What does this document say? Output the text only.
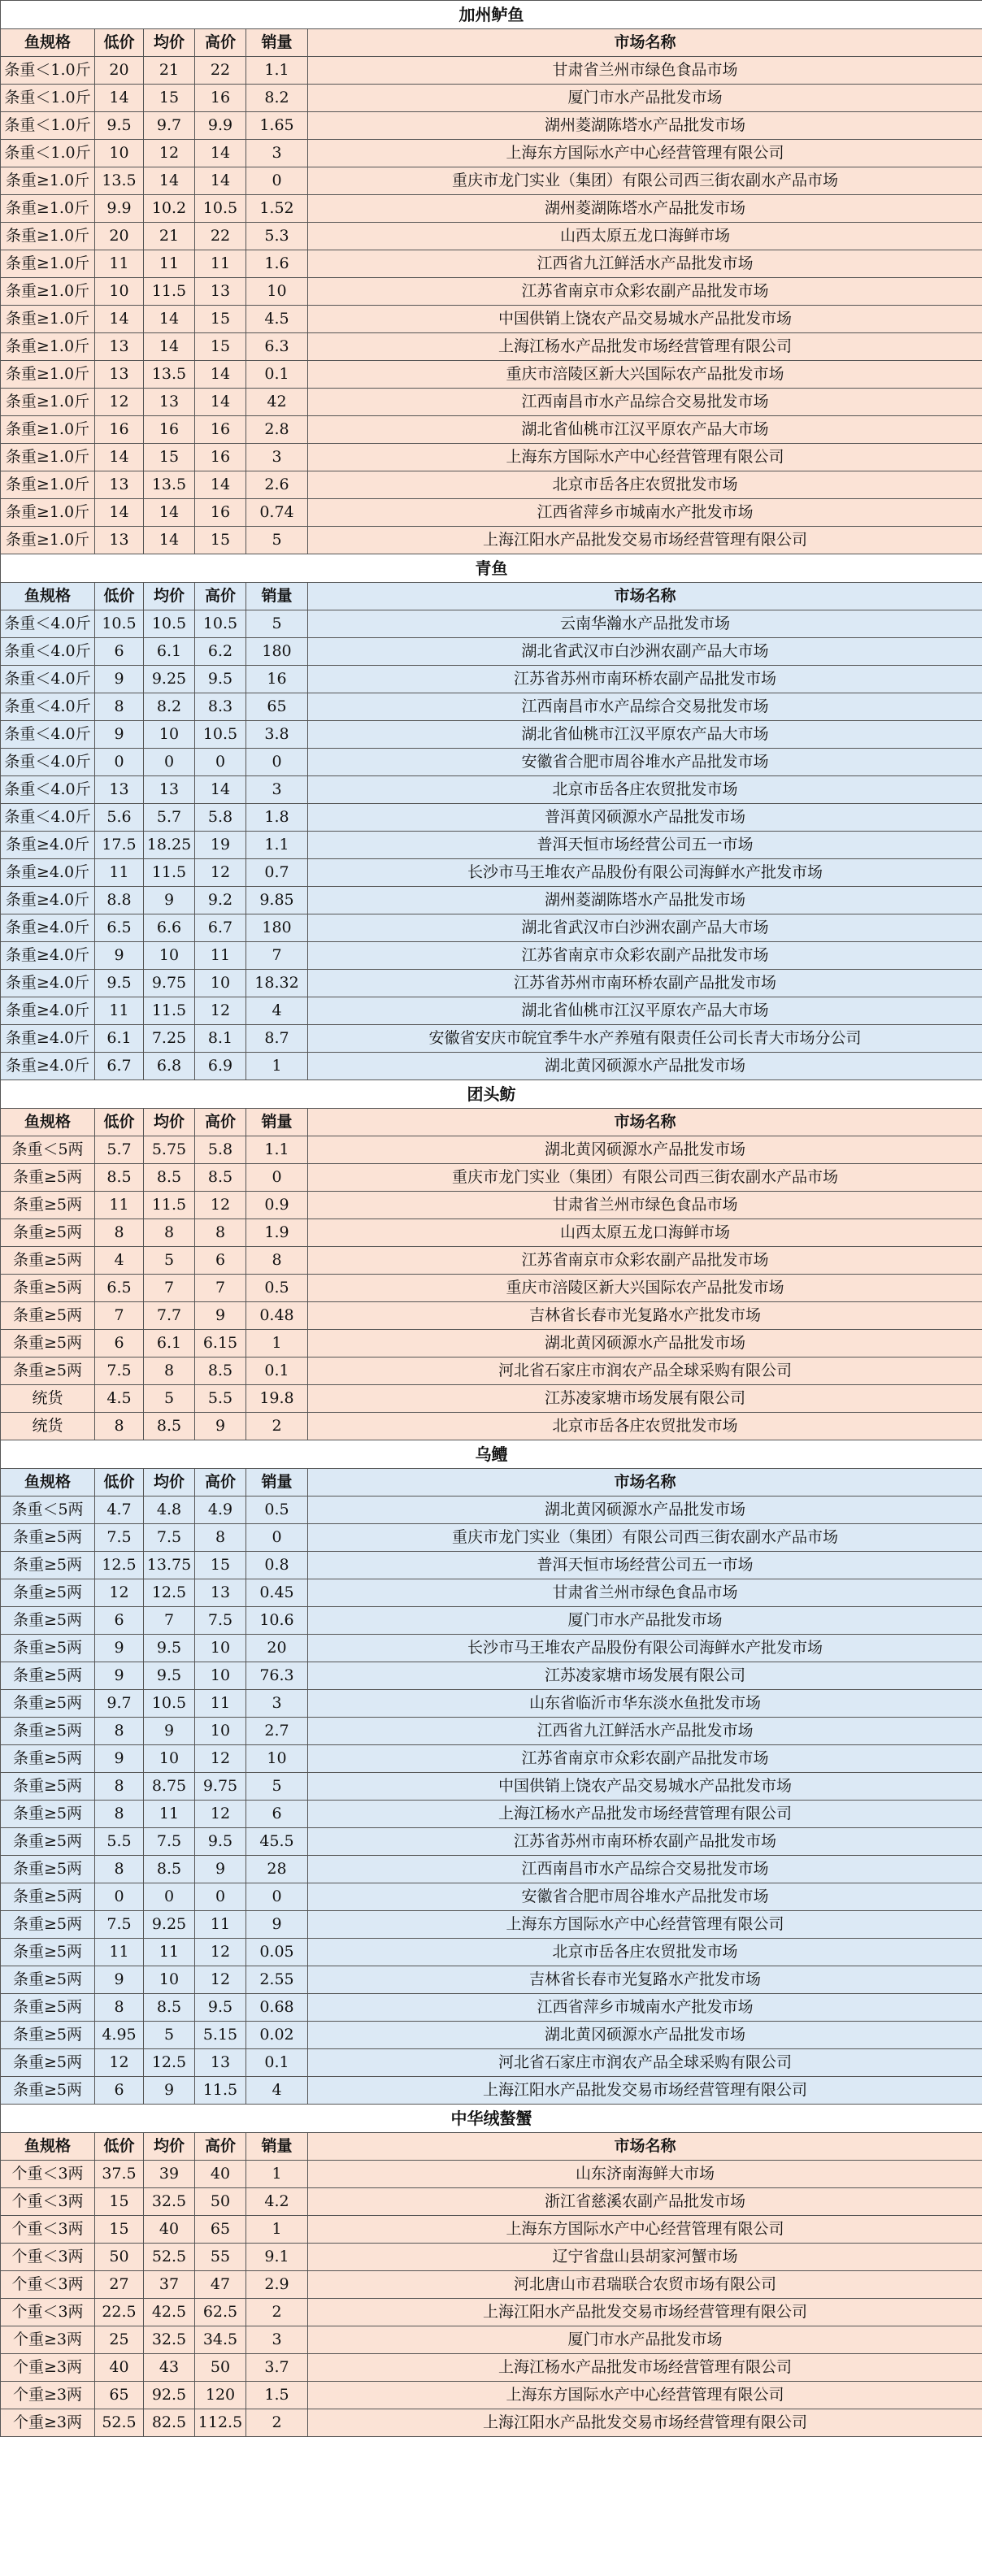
加州鲈鱼					
鱼规格	低价	均价	高价	销量	市场名称
条重＜1.0斤	20	21	22	1.1	甘肃省兰州市绿色食品市场
条重＜1.0斤	14	15	16	8.2	厦门市水产品批发市场
条重＜1.0斤	9.5	9.7	9.9	1.65	湖州菱湖陈塔水产品批发市场
条重＜1.0斤	10	12	14	3	上海东方国际水产中心经营管理有限公司
条重≥1.0斤	13.5	14	14	0	重庆市龙门实业（集团）有限公司西三街农副水产品市场
条重≥1.0斤	9.9	10.2	10.5	1.52	湖州菱湖陈塔水产品批发市场
条重≥1.0斤	20	21	22	5.3	山西太原五龙口海鲜市场
条重≥1.0斤	11	11	11	1.6	江西省九江鲜活水产品批发市场
条重≥1.0斤	10	11.5	13	10	江苏省南京市众彩农副产品批发市场
条重≥1.0斤	14	14	15	4.5	中国供销上饶农产品交易城水产品批发市场
条重≥1.0斤	13	14	15	6.3	上海江杨水产品批发市场经营管理有限公司
条重≥1.0斤	13	13.5	14	0.1	重庆市涪陵区新大兴国际农产品批发市场
条重≥1.0斤	12	13	14	42	江西南昌市水产品综合交易批发市场
条重≥1.0斤	16	16	16	2.8	湖北省仙桃市江汉平原农产品大市场
条重≥1.0斤	14	15	16	3	上海东方国际水产中心经营管理有限公司
条重≥1.0斤	13	13.5	14	2.6	北京市岳各庄农贸批发市场
条重≥1.0斤	14	14	16	0.74	江西省萍乡市城南水产批发市场
条重≥1.0斤	13	14	15	5	上海江阳水产品批发交易市场经营管理有限公司
青鱼					
鱼规格	低价	均价	高价	销量	市场名称
条重＜4.0斤	10.5	10.5	10.5	5	云南华瀚水产品批发市场
条重＜4.0斤	6	6.1	6.2	180	湖北省武汉市白沙洲农副产品大市场
条重＜4.0斤	9	9.25	9.5	16	江苏省苏州市南环桥农副产品批发市场
条重＜4.0斤	8	8.2	8.3	65	江西南昌市水产品综合交易批发市场
条重＜4.0斤	9	10	10.5	3.8	湖北省仙桃市江汉平原农产品大市场
条重＜4.0斤	0	0	0	0	安徽省合肥市周谷堆水产品批发市场
条重＜4.0斤	13	13	14	3	北京市岳各庄农贸批发市场
条重＜4.0斤	5.6	5.7	5.8	1.8	普洱黄冈硕源水产品批发市场
条重≥4.0斤	17.5	18.25	19	1.1	普洱天恒市场经营公司五一市场
条重≥4.0斤	11	11.5	12	0.7	长沙市马王堆农产品股份有限公司海鲜水产批发市场
条重≥4.0斤	8.8	9	9.2	9.85	湖州菱湖陈塔水产品批发市场
条重≥4.0斤	6.5	6.6	6.7	180	湖北省武汉市白沙洲农副产品大市场
条重≥4.0斤	9	10	11	7	江苏省南京市众彩农副产品批发市场
条重≥4.0斤	9.5	9.75	10	18.32	江苏省苏州市南环桥农副产品批发市场
条重≥4.0斤	11	11.5	12	4	湖北省仙桃市江汉平原农产品大市场
条重≥4.0斤	6.1	7.25	8.1	8.7	安徽省安庆市皖宜季牛水产养殖有限责任公司长青大市场分公司
条重≥4.0斤	6.7	6.8	6.9	1	湖北黄冈硕源水产品批发市场
团头鲂					
鱼规格	低价	均价	高价	销量	市场名称
条重＜5两	5.7	5.75	5.8	1.1	湖北黄冈硕源水产品批发市场
条重≥5两	8.5	8.5	8.5	0	重庆市龙门实业（集团）有限公司西三街农副水产品市场
条重≥5两	11	11.5	12	0.9	甘肃省兰州市绿色食品市场
条重≥5两	8	8	8	1.9	山西太原五龙口海鲜市场
条重≥5两	4	5	6	8	江苏省南京市众彩农副产品批发市场
条重≥5两	6.5	7	7	0.5	重庆市涪陵区新大兴国际农产品批发市场
条重≥5两	7	7.7	9	0.48	吉林省长春市光复路水产批发市场
条重≥5两	6	6.1	6.15	1	湖北黄冈硕源水产品批发市场
条重≥5两	7.5	8	8.5	0.1	河北省石家庄市润农产品全球采购有限公司
统货	4.5	5	5.5	19.8	江苏凌家塘市场发展有限公司
统货	8	8.5	9	2	北京市岳各庄农贸批发市场
乌鳢					
鱼规格	低价	均价	高价	销量	市场名称
条重＜5两	4.7	4.8	4.9	0.5	湖北黄冈硕源水产品批发市场
条重≥5两	7.5	7.5	8	0	重庆市龙门实业（集团）有限公司西三街农副水产品市场
条重≥5两	12.5	13.75	15	0.8	普洱天恒市场经营公司五一市场
条重≥5两	12	12.5	13	0.45	甘肃省兰州市绿色食品市场
条重≥5两	6	7	7.5	10.6	厦门市水产品批发市场
条重≥5两	9	9.5	10	20	长沙市马王堆农产品股份有限公司海鲜水产批发市场
条重≥5两	9	9.5	10	76.3	江苏凌家塘市场发展有限公司
条重≥5两	9.7	10.5	11	3	山东省临沂市华东淡水鱼批发市场
条重≥5两	8	9	10	2.7	江西省九江鲜活水产品批发市场
条重≥5两	9	10	12	10	江苏省南京市众彩农副产品批发市场
条重≥5两	8	8.75	9.75	5	中国供销上饶农产品交易城水产品批发市场
条重≥5两	8	11	12	6	上海江杨水产品批发市场经营管理有限公司
条重≥5两	5.5	7.5	9.5	45.5	江苏省苏州市南环桥农副产品批发市场
条重≥5两	8	8.5	9	28	江西南昌市水产品综合交易批发市场
条重≥5两	0	0	0	0	安徽省合肥市周谷堆水产品批发市场
条重≥5两	7.5	9.25	11	9	上海东方国际水产中心经营管理有限公司
条重≥5两	11	11	12	0.05	北京市岳各庄农贸批发市场
条重≥5两	9	10	12	2.55	吉林省长春市光复路水产批发市场
条重≥5两	8	8.5	9.5	0.68	江西省萍乡市城南水产批发市场
条重≥5两	4.95	5	5.15	0.02	湖北黄冈硕源水产品批发市场
条重≥5两	12	12.5	13	0.1	河北省石家庄市润农产品全球采购有限公司
条重≥5两	6	9	11.5	4	上海江阳水产品批发交易市场经营管理有限公司
中华绒螯蟹					
鱼规格	低价	均价	高价	销量	市场名称
个重＜3两	37.5	39	40	1	山东济南海鲜大市场
个重＜3两	15	32.5	50	4.2	浙江省慈溪农副产品批发市场
个重＜3两	15	40	65	1	上海东方国际水产中心经营管理有限公司
个重＜3两	50	52.5	55	9.1	辽宁省盘山县胡家河蟹市场
个重＜3两	27	37	47	2.9	河北唐山市君瑞联合农贸市场有限公司
个重＜3两	22.5	42.5	62.5	2	上海江阳水产品批发交易市场经营管理有限公司
个重≥3两	25	32.5	34.5	3	厦门市水产品批发市场
个重≥3两	40	43	50	3.7	上海江杨水产品批发市场经营管理有限公司
个重≥3两	65	92.5	120	1.5	上海东方国际水产中心经营管理有限公司
个重≥3两	52.5	82.5	112.5	2	上海江阳水产品批发交易市场经营管理有限公司
